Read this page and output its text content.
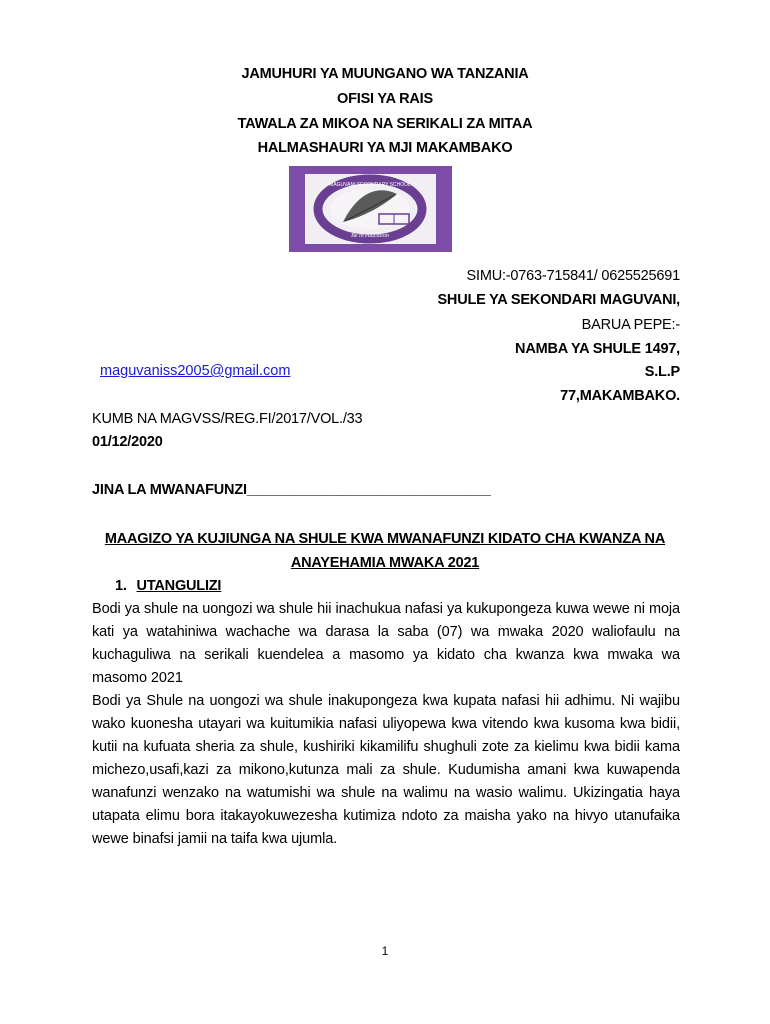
JAMUHURI YA MUUNGANO WA TANZANIA
OFISI YA RAIS
TAWALA ZA MIKOA NA SERIKALI ZA MITAA
HALMASHAURI YA MJI MAKAMBAKO
MAGUVANI SECONDARY SCHOOL
Be in education
SIMU:-0763-715841/ 0625525691
SHULE YA SEKONDARI MAGUVANI,
BARUA PEPE:-
NAMBA YA SHULE 1497,
S.L.P
77,MAKAMBAKO.
maguvaniss2005@gmail.com
KUMB NA MAGVSS/REG.FI/2017/VOL./33
01/12/2020
JINA LA MWANAFUNZI_______________________________
MAAGIZO YA KUJIUNGA NA SHULE KWA MWANAFUNZI KIDATO CHA KWANZA NA
ANAYEHAMIA MWAKA 2021
1. UTANGULIZI
Bodi ya shule na uongozi wa shule hii inachukua nafasi ya kukupongeza kuwa wewe ni moja kati ya watahiniwa wachache wa darasa la saba (07) wa mwaka 2020 waliofaulu na kuchaguliwa na serikali kuendelea a masomo ya kidato cha kwanza kwa mwaka wa masomo 2021
Bodi ya Shule na uongozi wa shule inakupongeza kwa kupata nafasi hii adhimu. Ni wajibu wako kuonesha utayari wa kuitumikia nafasi uliyopewa kwa vitendo kwa kusoma kwa bidii, kutii na kufuata sheria za shule, kushiriki kikamilifu shughuli zote za kielimu kwa bidii kama michezo,usafi,kazi za mikono,kutunza mali za shule. Kudumisha amani kwa kuwapenda wanafunzi wenzako na watumishi wa shule na walimu na wasio walimu. Ukizingatia haya utapata elimu bora itakayokuwezesha kutimiza ndoto za maisha yako na hivyo utanufaika wewe binafsi jamii na taifa kwa ujumla.
1
